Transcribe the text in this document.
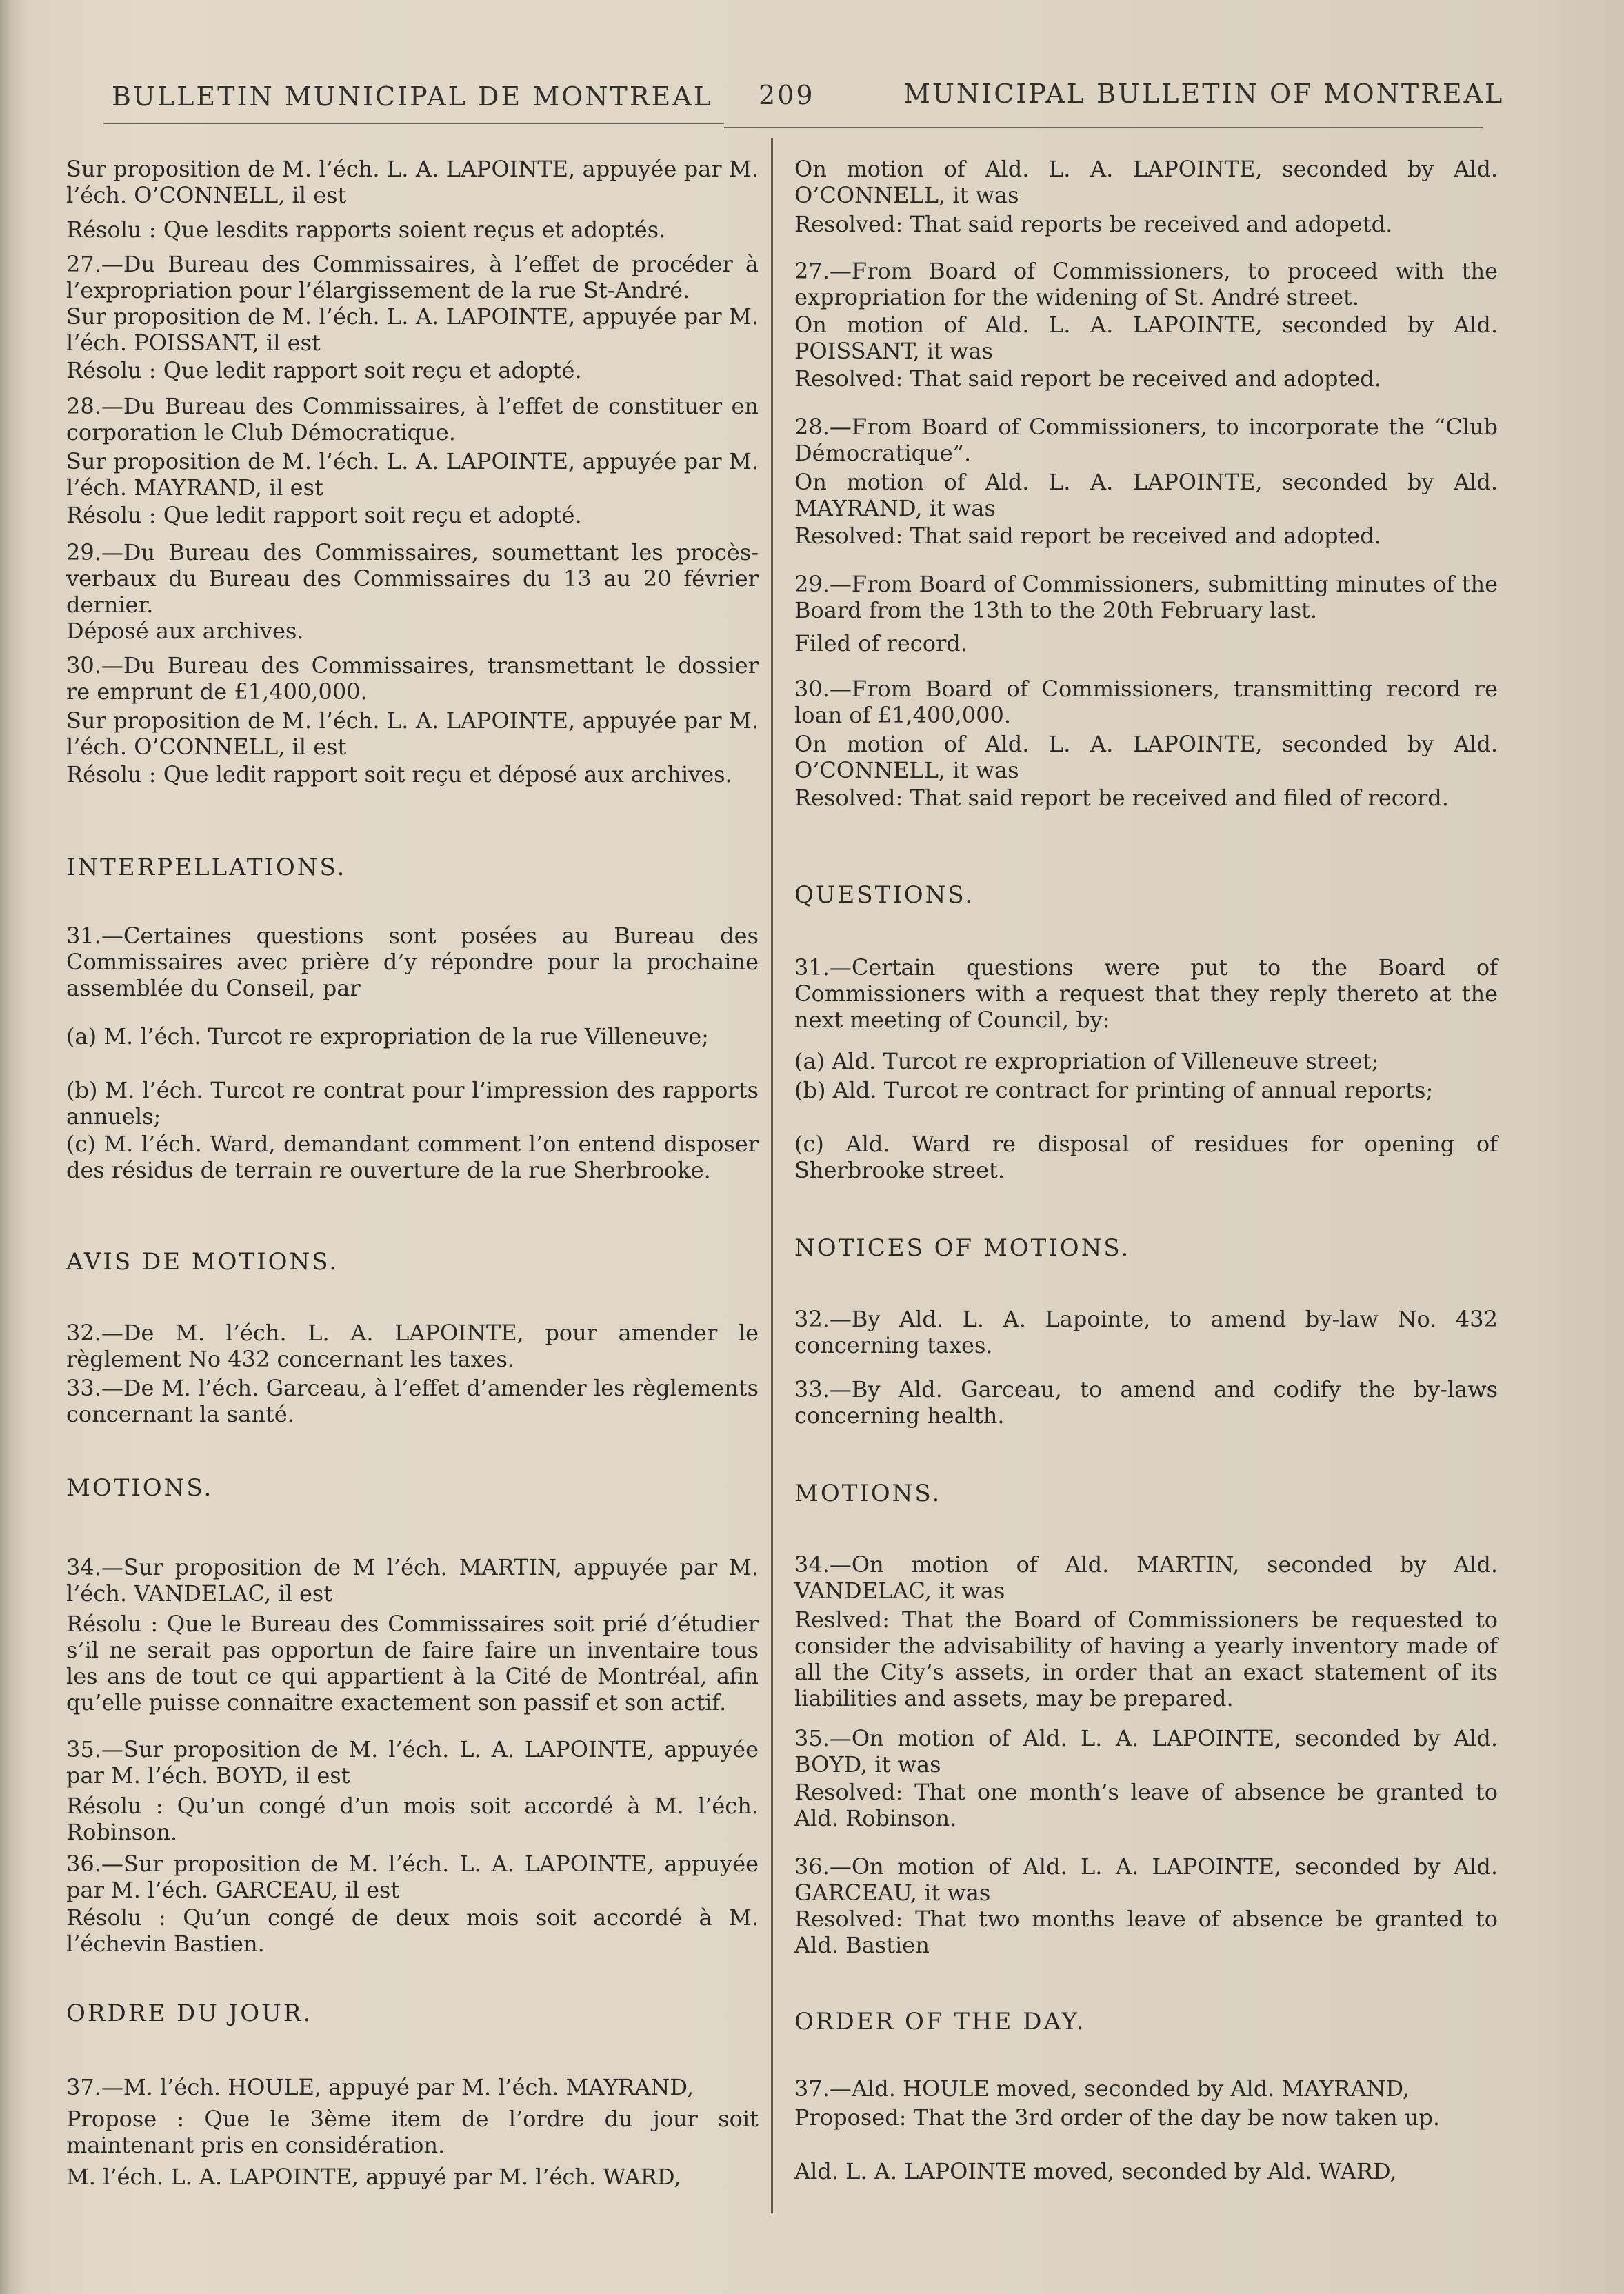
BULLETIN MUNICIPAL DE MONTREAL 209	MUNICIPAL BULLETIN OF MONTREAL
Sur proposition de M. l’éch. L. A. LAPOINTE, appuyée par M. l’éch. O’CONNELL, il est
Résolu : Que lesdits rapports soient reçus et adoptés.
27.—Du Bureau des Commissaires, à l’effet de procéder à l’expropriation pour l’élargissement de la rue St-André.
Sur proposition de M. l’éch. L. A. LAPOINTE, appuyée par M. l’éch. POISSANT, il est
Résolu : Que ledit rapport soit reçu et adopté.
28.—Du Bureau des Commissaires, à l’effet de constituer en corporation le Club Démocratique.
Sur proposition de M. l’éch. L. A. LAPOINTE, appuyée par M. l’éch. MAYRAND, il est
Résolu : Que ledit rapport soit reçu et adopté.
29.—Du Bureau des Commissaires, soumettant les procès-verbaux du Bureau des Commissaires du 13 au 20 février dernier.
Déposé aux archives.
30.—Du Bureau des Commissaires, transmettant le dossier re emprunt de £1,400,000.
Sur proposition de M. l’éch. L. A. LAPOINTE, appuyée par M. l’éch. O’CONNELL, il est
Résolu : Que ledit rapport soit reçu et déposé aux archives.
INTERPELLATIONS.
31.—Certaines questions sont posées au Bureau des Commissaires avec prière d’y répondre pour la prochaine assemblée du Conseil, par
(a) M. l’éch. Turcot re expropriation de la rue Villeneuve;
(b) M. l’éch. Turcot re contrat pour l’impression des rapports annuels;
(c) M. l’éch. Ward, demandant comment l’on entend disposer des résidus de terrain re ouverture de la rue Sherbrooke.
AVIS DE MOTIONS.
32.—De M. l’éch. L. A. LAPOINTE, pour amender le règlement No 432 concernant les taxes.
33.—De M. l’éch. Garceau, à l’effet d’amender les règlements concernant la santé.
MOTIONS.
34.—Sur proposition de M l’éch. MARTIN, appuyée par M. l’éch. VANDELAC, il est
Résolu : Que le Bureau des Commissaires soit prié d’étudier s’il ne serait pas opportun de faire faire un inventaire tous les ans de tout ce qui appartient à la Cité de Montréal, afin qu’elle puisse connaitre exactement son passif et son actif.
35.—Sur proposition de M. l’éch. L. A. LAPOINTE, appuyée par M. l’éch. BOYD, il est
Résolu : Qu’un congé d’un mois soit accordé à M. l’éch. Robinson.
36.—Sur proposition de M. l’éch. L. A. LAPOINTE, appuyée par M. l’éch. GARCEAU, il est
Résolu : Qu’un congé de deux mois soit accordé à M. l’échevin Bastien.
ORDRE DU JOUR.
37.—M. l’éch. HOULE, appuyé par M. l’éch. MAYRAND,
Propose : Que le 3ème item de l’ordre du jour soit maintenant pris en considération.
M. l’éch. L. A. LAPOINTE, appuyé par M. l’éch. WARD,
On motion of Ald. L. A. LAPOINTE, seconded by Ald. O’CONNELL, it was
Resolved: That said reports be received and adopetd.
27.—From Board of Commissioners, to proceed with the expropriation for the widening of St. André street.
On motion of Ald. L. A. LAPOINTE, seconded by Ald. POISSANT, it was
Resolved: That said report be received and adopted.
28.—From Board of Commissioners, to incorporate the “Club Démocratique”.
On motion of Ald. L. A. LAPOINTE, seconded by Ald. MAYRAND, it was
Resolved: That said report be received and adopted.
29.—From Board of Commissioners, submitting minutes of the Board from the 13th to the 20th February last.
Filed of record.
30.—From Board of Commissioners, transmitting record re loan of £1,400,000.
On motion of Ald. L. A. LAPOINTE, seconded by Ald. O’CONNELL, it was
Resolved: That said report be received and filed of record.
QUESTIONS.
31.—Certain questions were put to the Board of Commissioners with a request that they reply thereto at the next meeting of Council, by:
(a) Ald. Turcot re expropriation of Villeneuve street;
(b) Ald. Turcot re contract for printing of annual reports;
(c) Ald. Ward re disposal of residues for opening of Sherbrooke street.
NOTICES OF MOTIONS.
32.—By Ald. L. A. Lapointe, to amend by-law No. 432 concerning taxes.
33.—By Ald. Garceau, to amend and codify the by-laws concerning health.
MOTIONS.
34.—On motion of Ald. MARTIN, seconded by Ald. VANDELAC, it was
Reslved: That the Board of Commissioners be requested to consider the advisability of having a yearly inventory made of all the City’s assets, in order that an exact statement of its liabilities and assets, may be prepared.
35.—On motion of Ald. L. A. LAPOINTE, seconded by Ald. BOYD, it was
Resolved: That one month’s leave of absence be granted to Ald. Robinson.
36.—On motion of Ald. L. A. LAPOINTE, seconded by Ald. GARCEAU, it was
Resolved: That two months leave of absence be granted to Ald. Bastien
ORDER OF THE DAY.
37.—Ald. HOULE moved, seconded by Ald. MAYRAND,
Proposed: That the 3rd order of the day be now taken up.
Ald. L. A. LAPOINTE moved, seconded by Ald. WARD,
